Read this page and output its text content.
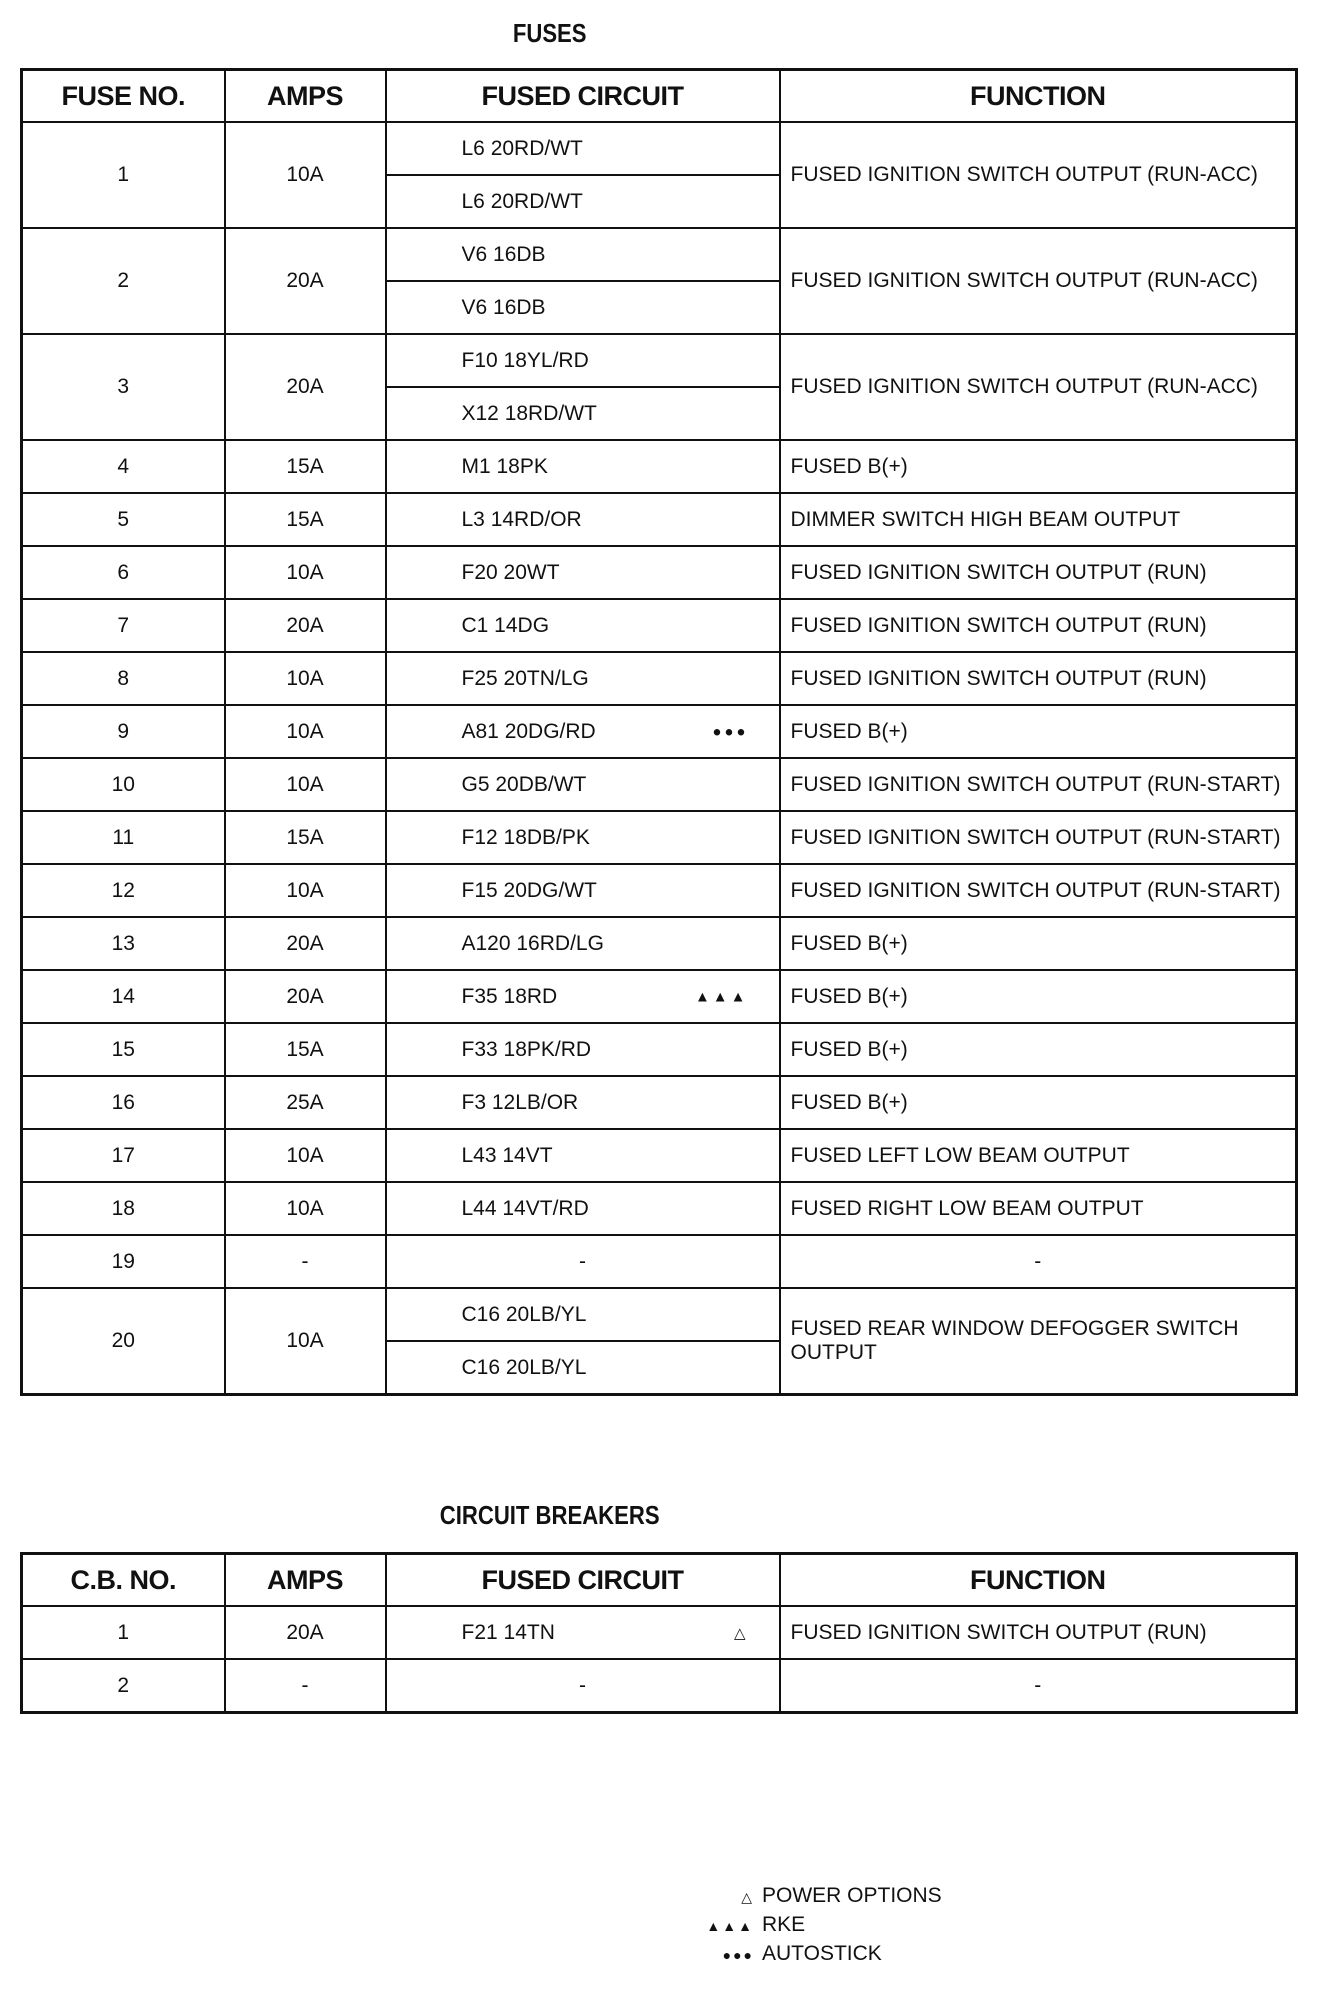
FUSES
FUSE NO.	AMPS	FUSED CIRCUIT	FUNCTION
1	10A	L6 20RD/WT
L6 20RD/WT	FUSED IGNITION SWITCH OUTPUT (RUN-ACC)
2	20A	V6 16DB
V6 16DB	FUSED IGNITION SWITCH OUTPUT (RUN-ACC)
3	20A	F10 18YL/RD
X12 18RD/WT	FUSED IGNITION SWITCH OUTPUT (RUN-ACC)
4	15A	M1 18PK	FUSED B(+)
5	15A	L3 14RD/OR	DIMMER SWITCH HIGH BEAM OUTPUT
6	10A	F20 20WT	FUSED IGNITION SWITCH OUTPUT (RUN)
7	20A	C1 14DG	FUSED IGNITION SWITCH OUTPUT (RUN)
8	10A	F25 20TN/LG	FUSED IGNITION SWITCH OUTPUT (RUN)
9	10A	A81 20DG/RD ●●●	FUSED B(+)
10	10A	G5 20DB/WT	FUSED IGNITION SWITCH OUTPUT (RUN-START)
11	15A	F12 18DB/PK	FUSED IGNITION SWITCH OUTPUT (RUN-START)
12	10A	F15 20DG/WT	FUSED IGNITION SWITCH OUTPUT (RUN-START)
13	20A	A120 16RD/LG	FUSED B(+)
14	20A	F35 18RD ▲▲▲	FUSED B(+)
15	15A	F33 18PK/RD	FUSED B(+)
16	25A	F3 12LB/OR	FUSED B(+)
17	10A	L43 14VT	FUSED LEFT LOW BEAM OUTPUT
18	10A	L44 14VT/RD	FUSED RIGHT LOW BEAM OUTPUT
19	-	-	-
20	10A	C16 20LB/YL
C16 20LB/YL	FUSED REAR WINDOW DEFOGGER SWITCH OUTPUT
CIRCUIT BREAKERS
C.B. NO.	AMPS	FUSED CIRCUIT	FUNCTION
1	20A	F21 14TN △	FUSED IGNITION SWITCH OUTPUT (RUN)
2	-	-	-
△ POWER OPTIONS
▲▲▲ RKE
●●● AUTOSTICK
